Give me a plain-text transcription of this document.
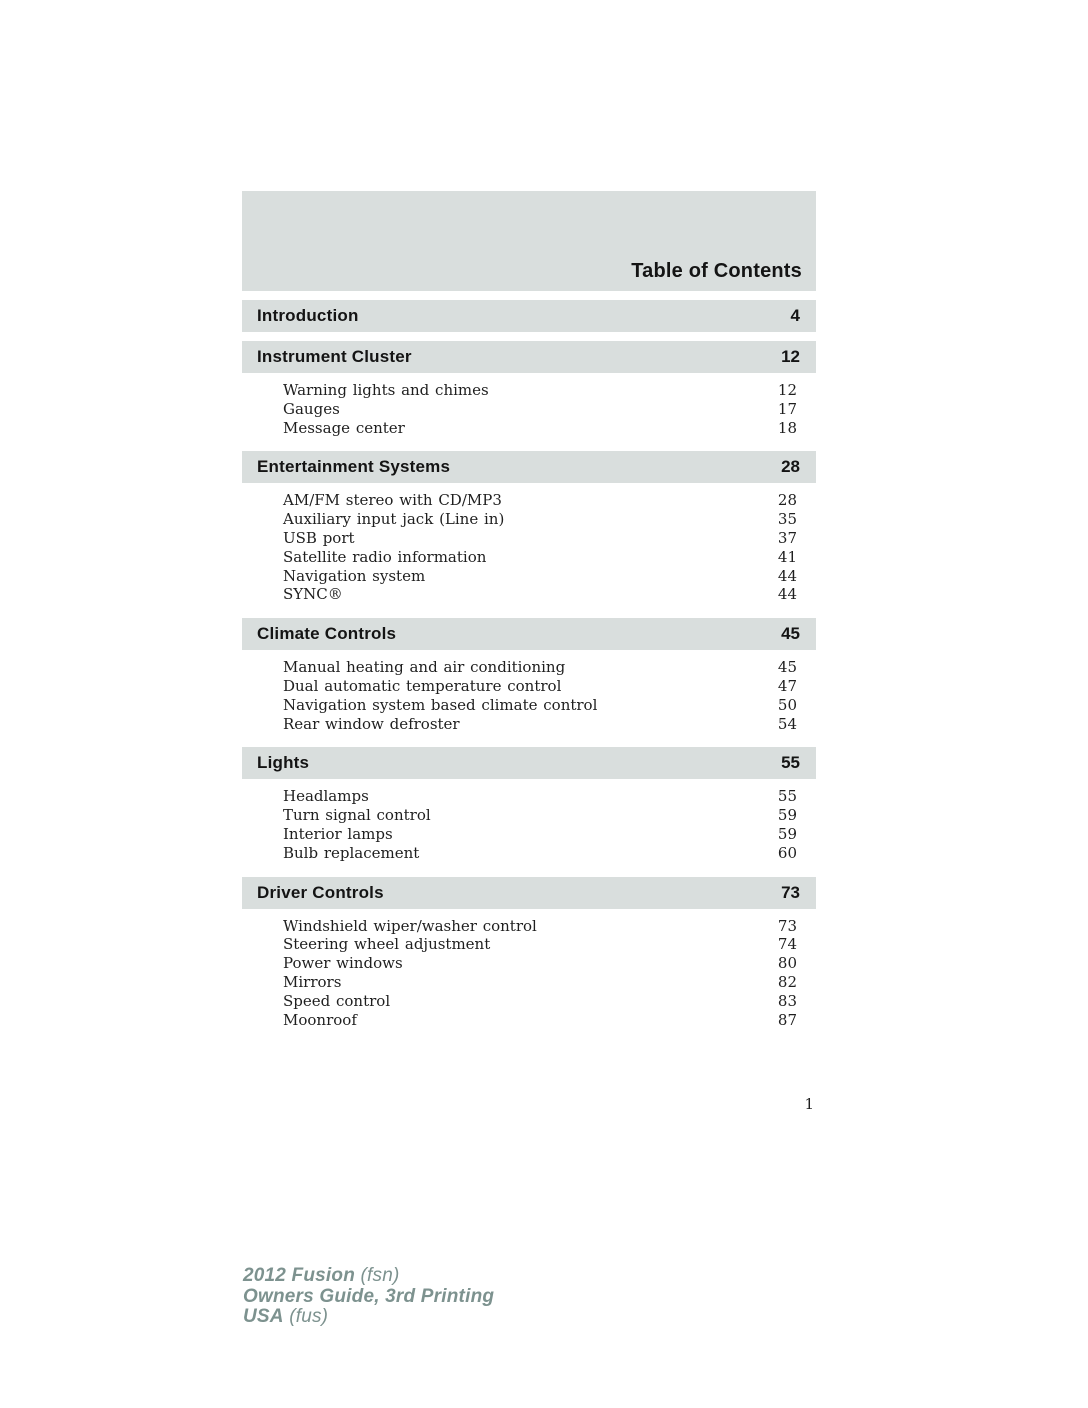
Table of Contents
Introduction	4
Instrument Cluster	12
Warning lights and chimes	12
Gauges	17
Message center	18
Entertainment Systems	28
AM/FM stereo with CD/MP3	28
Auxiliary input jack (Line in)	35
USB port	37
Satellite radio information	41
Navigation system	44
SYNC®	44
Climate Controls	45
Manual heating and air conditioning	45
Dual automatic temperature control	47
Navigation system based climate control	50
Rear window defroster	54
Lights	55
Headlamps	55
Turn signal control	59
Interior lamps	59
Bulb replacement	60
Driver Controls	73
Windshield wiper/washer control	73
Steering wheel adjustment	74
Power windows	80
Mirrors	82
Speed control	83
Moonroof	87
1
2012 Fusion (fsn)
Owners Guide, 3rd Printing
USA (fus)
